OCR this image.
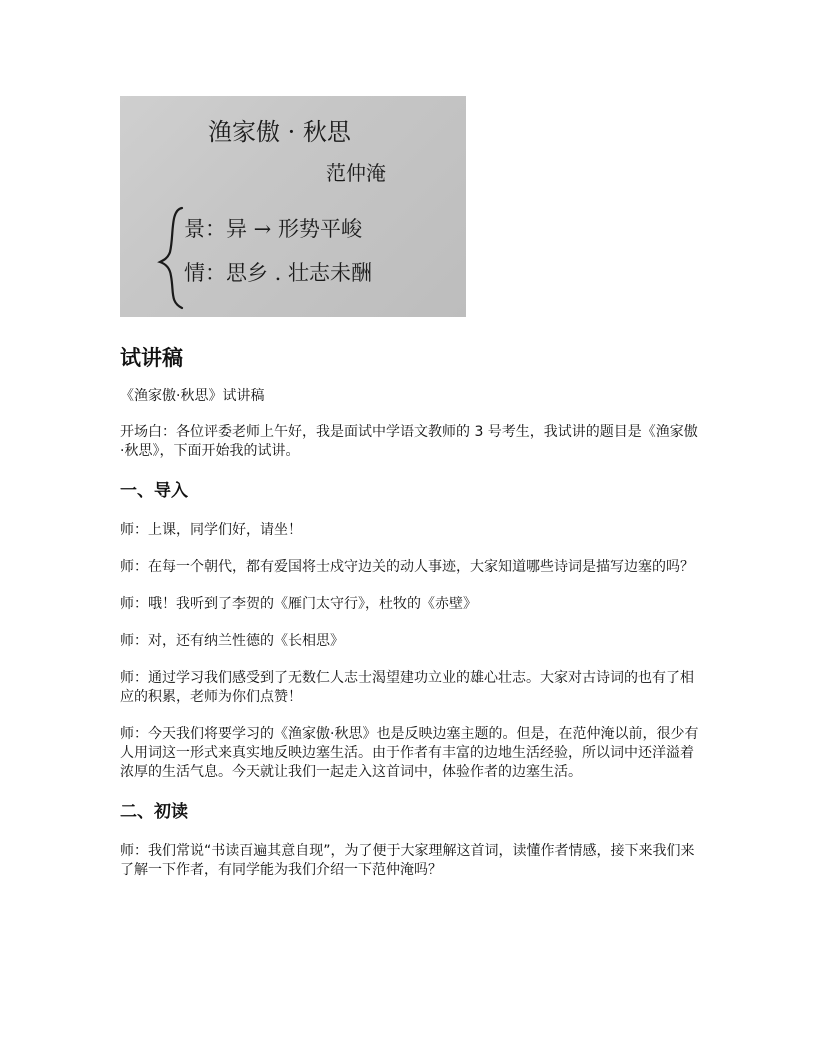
渔家傲 · 秋思
范仲淹
景：异 → 形势平峻
情：思乡 . 壮志未酬
试讲稿

《渔家傲·秋思》试讲稿

开场白：各位评委老师上午好，我是面试中学语文教师的 3 号考生，我试讲的题目是《渔家傲·秋思》，下面开始我的试讲。

一、导入

师：上课，同学们好，请坐！

师：在每一个朝代，都有爱国将士戍守边关的动人事迹，大家知道哪些诗词是描写边塞的吗？

师：哦！我听到了李贺的《雁门太守行》，杜牧的《赤壁》

师：对，还有纳兰性德的《长相思》

师：通过学习我们感受到了无数仁人志士渴望建功立业的雄心壮志。大家对古诗词的也有了相应的积累，老师为你们点赞！

师：今天我们将要学习的《渔家傲·秋思》也是反映边塞主题的。但是，在范仲淹以前，很少有人用词这一形式来真实地反映边塞生活。由于作者有丰富的边地生活经验，所以词中还洋溢着浓厚的生活气息。今天就让我们一起走入这首词中，体验作者的边塞生活。

二、初读

师：我们常说“书读百遍其意自现”，为了便于大家理解这首词，读懂作者情感，接下来我们来了解一下作者，有同学能为我们介绍一下范仲淹吗？
